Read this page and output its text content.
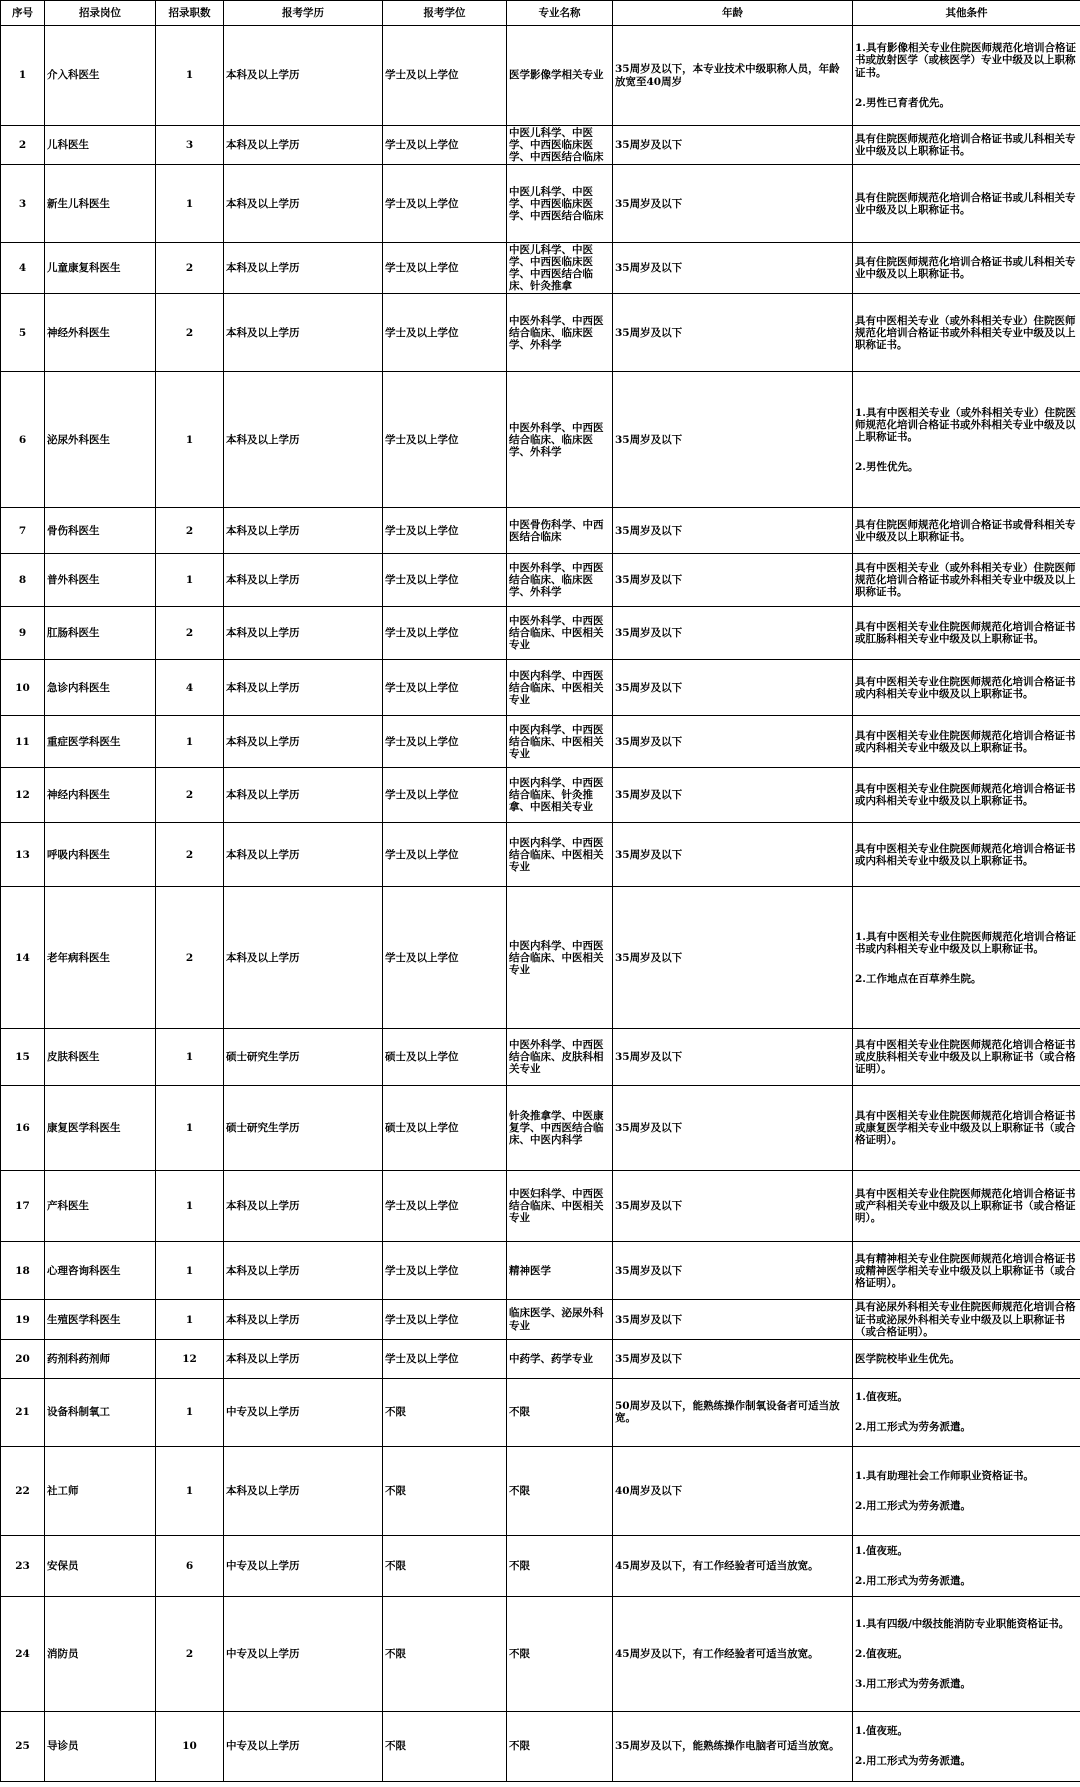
序号	招录岗位	招录职数	报考学历	报考学位	专业名称	年龄	其他条件
1	介入科医生	1	本科及以上学历	学士及以上学位	医学影像学相关专业	35周岁及以下，本专业技术中级职称人员，年龄放宽至40周岁	1.具有影像相关专业住院医师规范化培训合格证书或放射医学（或核医学）专业中级及以上职称证书。
2.男性已育者优先。

2	儿科医生	3	本科及以上学历	学士及以上学位	中医儿科学、中医学、中西医临床医学、中西医结合临床	35周岁及以下	具有住院医师规范化培训合格证书或儿科相关专业中级及以上职称证书。

3	新生儿科医生	1	本科及以上学历	学士及以上学位	中医儿科学、中医学、中西医临床医学、中西医结合临床	35周岁及以下	具有住院医师规范化培训合格证书或儿科相关专业中级及以上职称证书。

4	儿童康复科医生	2	本科及以上学历	学士及以上学位	中医儿科学、中医学、中西医临床医学、中西医结合临床、针灸推拿	35周岁及以下	具有住院医师规范化培训合格证书或儿科相关专业中级及以上职称证书。

5	神经外科医生	2	本科及以上学历	学士及以上学位	中医外科学、中西医结合临床、临床医学、外科学	35周岁及以下	具有中医相关专业（或外科相关专业）住院医师规范化培训合格证书或外科相关专业中级及以上职称证书。

6	泌尿外科医生	1	本科及以上学历	学士及以上学位	中医外科学、中西医结合临床、临床医学、外科学	35周岁及以下	1.具有中医相关专业（或外科相关专业）住院医师规范化培训合格证书或外科相关专业中级及以上职称证书。
2.男性优先。

7	骨伤科医生	2	本科及以上学历	学士及以上学位	中医骨伤科学、中西医结合临床	35周岁及以下	具有住院医师规范化培训合格证书或骨科相关专业中级及以上职称证书。

8	普外科医生	1	本科及以上学历	学士及以上学位	中医外科学、中西医结合临床、临床医学、外科学	35周岁及以下	具有中医相关专业（或外科相关专业）住院医师规范化培训合格证书或外科相关专业中级及以上职称证书。

9	肛肠科医生	2	本科及以上学历	学士及以上学位	中医外科学、中西医结合临床、中医相关专业	35周岁及以下	具有中医相关专业住院医师规范化培训合格证书或肛肠科相关专业中级及以上职称证书。

10	急诊内科医生	4	本科及以上学历	学士及以上学位	中医内科学、中西医结合临床、中医相关专业	35周岁及以下	具有中医相关专业住院医师规范化培训合格证书或内科相关专业中级及以上职称证书。

11	重症医学科医生	1	本科及以上学历	学士及以上学位	中医内科学、中西医结合临床、中医相关专业	35周岁及以下	具有中医相关专业住院医师规范化培训合格证书或内科相关专业中级及以上职称证书。

12	神经内科医生	2	本科及以上学历	学士及以上学位	中医内科学、中西医结合临床、针灸推拿、中医相关专业	35周岁及以下	具有中医相关专业住院医师规范化培训合格证书或内科相关专业中级及以上职称证书。

13	呼吸内科医生	2	本科及以上学历	学士及以上学位	中医内科学、中西医结合临床、中医相关专业	35周岁及以下	具有中医相关专业住院医师规范化培训合格证书或内科相关专业中级及以上职称证书。

14	老年病科医生	2	本科及以上学历	学士及以上学位	中医内科学、中西医结合临床、中医相关专业	35周岁及以下	1.具有中医相关专业住院医师规范化培训合格证书或内科相关专业中级及以上职称证书。
2.工作地点在百草养生院。

15	皮肤科医生	1	硕士研究生学历	硕士及以上学位	中医外科学、中西医结合临床、皮肤科相关专业	35周岁及以下	具有中医相关专业住院医师规范化培训合格证书或皮肤科相关专业中级及以上职称证书（或合格证明）。

16	康复医学科医生	1	硕士研究生学历	硕士及以上学位	针灸推拿学、中医康复学、中西医结合临床、中医内科学	35周岁及以下	具有中医相关专业住院医师规范化培训合格证书或康复医学相关专业中级及以上职称证书（或合格证明）。

17	产科医生	1	本科及以上学历	学士及以上学位	中医妇科学、中西医结合临床、中医相关专业	35周岁及以下	具有中医相关专业住院医师规范化培训合格证书或产科相关专业中级及以上职称证书（或合格证明）。

18	心理咨询科医生	1	本科及以上学历	学士及以上学位	精神医学	35周岁及以下	具有精神相关专业住院医师规范化培训合格证书或精神医学相关专业中级及以上职称证书（或合格证明）。

19	生殖医学科医生	1	本科及以上学历	学士及以上学位	临床医学、泌尿外科专业	35周岁及以下	具有泌尿外科相关专业住院医师规范化培训合格证书或泌尿外科相关专业中级及以上职称证书（或合格证明）。

20	药剂科药剂师	12	本科及以上学历	学士及以上学位	中药学、药学专业	35周岁及以下	医学院校毕业生优先。

21	设备科制氧工	1	中专及以上学历	不限	不限	50周岁及以下，能熟练操作制氧设备者可适当放宽。	1.值夜班。
2.用工形式为劳务派遣。

22	社工师	1	本科及以上学历	不限	不限	40周岁及以下	1.具有助理社会工作师职业资格证书。
2.用工形式为劳务派遣。

23	安保员	6	中专及以上学历	不限	不限	45周岁及以下，有工作经验者可适当放宽。	1.值夜班。
2.用工形式为劳务派遣。

24	消防员	2	中专及以上学历	不限	不限	45周岁及以下，有工作经验者可适当放宽。	1.具有四级/中级技能消防专业职能资格证书。
2.值夜班。
3.用工形式为劳务派遣。

25	导诊员	10	中专及以上学历	不限	不限	35周岁及以下，能熟练操作电脑者可适当放宽。	1.值夜班。
2.用工形式为劳务派遣。
